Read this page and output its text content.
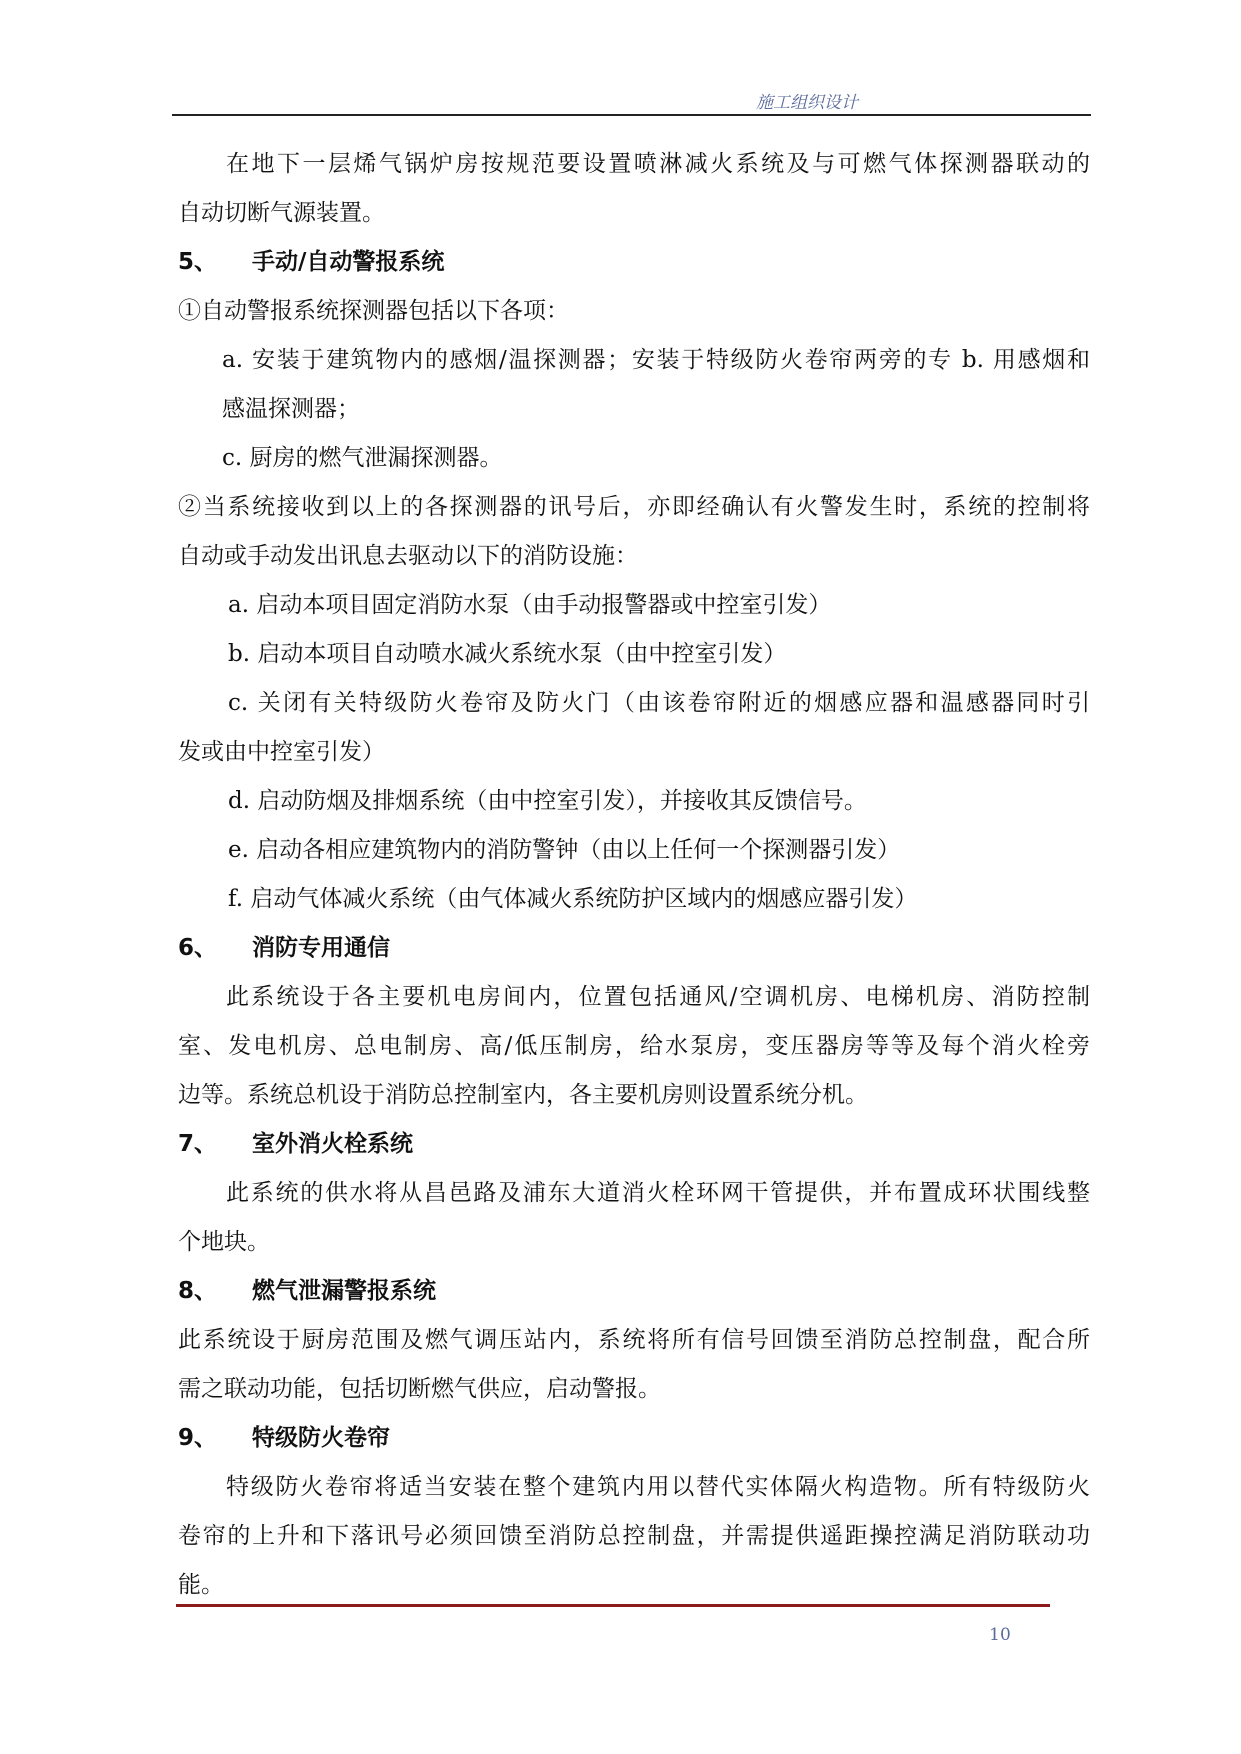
施工组织设计
在地下一层烯气锅炉房按规范要设置喷淋减火系统及与可燃气体探测器联动的
自动切断气源装置。
5、 手动/自动警报系统
①自动警报系统探测器包括以下各项：
a. 安装于建筑物内的感烟/温探测器；安装于特级防火卷帘两旁的专 b. 用感烟和
感温探测器；
c. 厨房的燃气泄漏探测器。
②当系统接收到以上的各探测器的讯号后，亦即经确认有火警发生时，系统的控制将
自动或手动发出讯息去驱动以下的消防设施：
a. 启动本项目固定消防水泵（由手动报警器或中控室引发）
b. 启动本项目自动喷水减火系统水泵（由中控室引发）
c. 关闭有关特级防火卷帘及防火门（由该卷帘附近的烟感应器和温感器同时引
发或由中控室引发）
d. 启动防烟及排烟系统（由中控室引发），并接收其反馈信号。
e. 启动各相应建筑物内的消防警钟（由以上任何一个探测器引发）
f. 启动气体减火系统（由气体减火系统防护区域内的烟感应器引发）
6、 消防专用通信
此系统设于各主要机电房间内，位置包括通风/空调机房、电梯机房、消防控制
室、发电机房、总电制房、高/低压制房，给水泵房，变压器房等等及每个消火栓旁
边等。系统总机设于消防总控制室内，各主要机房则设置系统分机。
7、 室外消火栓系统
此系统的供水将从昌邑路及浦东大道消火栓环网干管提供，并布置成环状围线整
个地块。
8、 燃气泄漏警报系统
此系统设于厨房范围及燃气调压站内，系统将所有信号回馈至消防总控制盘，配合所
需之联动功能，包括切断燃气供应，启动警报。
9、 特级防火卷帘
特级防火卷帘将适当安装在整个建筑内用以替代实体隔火构造物。所有特级防火
卷帘的上升和下落讯号必须回馈至消防总控制盘，并需提供遥距操控满足消防联动功
能。
10
